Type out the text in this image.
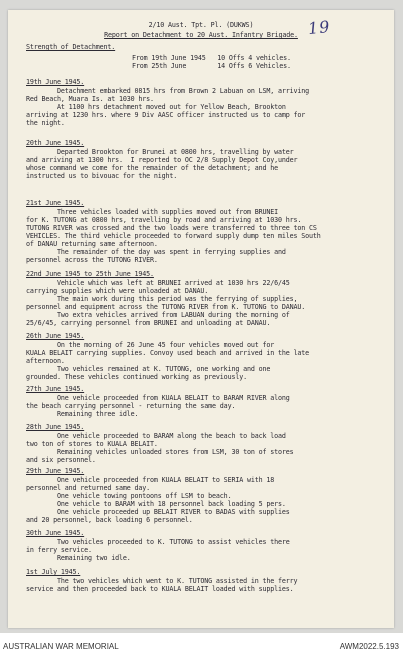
19

2/10 Aust. Tpt. Pl. (DUKWS)

Report on Detachment to 20 Aust. Infantry Brigade.

Strength of Detachment.

From 19th June 1945   10 Offs 4 vehicles.

From 25th June        14 Offs 6 Vehicles.

19th June 1945.

Detachment embarked 0815 hrs from Brown 2 Labuan on LSM, arriving

Red Beach, Muara Is. at 1030 hrs.

At 1100 hrs detachment moved out for Yellow Beach, Brookton

arriving at 1230 hrs. where 9 Div AASC officer instructed us to camp for

the night.

20th June 1945.

Departed Brookton for Brunei at 0800 hrs, travelling by water

and arriving at 1300 hrs.  I reported to OC 2/8 Supply Depot Coy,under

whose command we come for the remainder of the detachment; and he

instructed us to bivouac for the night.

21st June 1945.

Three vehicles loaded with supplies moved out from BRUNEI

for K. TUTONG at 0800 hrs, travelling by road and arriving at 1030 hrs.

TUTONG RIVER was crossed and the two loads were transferred to three ton CS

VEHICLES. The third vehicle proceeded to forward supply dump ten miles South

of DANAU returning same afternoon.

The remainder of the day was spent in ferrying supplies and

personnel across the TUTONG RIVER.

22nd June 1945 to 25th June 1945.

Vehicle which was left at BRUNEI arrived at 1030 hrs 22/6/45

carrying supplies which were unloaded at DANAU.

The main work during this period was the ferrying of supplies,

personnel and equipment across the TUTONG RIVER from K. TUTONG to DANAU.

Two extra vehicles arrived from LABUAN during the morning of

25/6/45, carrying personnel from BRUNEI and unloading at DANAU.

26th June 1945.

On the morning of 26 June 45 four vehicles moved out for

KUALA BELAIT carrying supplies. Convoy used beach and arrived in the late

afternoon.

Two vehicles remained at K. TUTONG, one working and one

grounded. These vehicles continued working as previously.

27th June 1945.

One vehicle proceeded from KUALA BELAIT to BARAM RIVER along

the beach carrying personnel - returning the same day.

Remaining three idle.

28th June 1945.

One vehicle proceeded to BARAM along the beach to back load

two ton of stores to KUALA BELAIT.

Remaining vehicles unloaded stores from LSM, 30 ton of stores

and six personnel.

29th June 1945.

One vehicle proceeded from KUALA BELAIT to SERIA with 18

personnel and returned same day.

One vehicle towing pontoons off LSM to beach.

One vehicle to BARAM with 18 personnel back loading 5 pers.

One vehicle proceeded up BELAIT RIVER to BADAS with supplies

and 20 personnel, back loading 6 personnel.

30th June 1945.

Two vehicles proceeded to K. TUTONG to assist vehicles there

in ferry service.

Remaining two idle.

1st July 1945.

The two vehicles which went to K. TUTONG assisted in the ferry

service and then proceeded back to KUALA BELAIT loaded with supplies.

AUSTRALIAN WAR MEMORIAL	AWM2022.5.193
